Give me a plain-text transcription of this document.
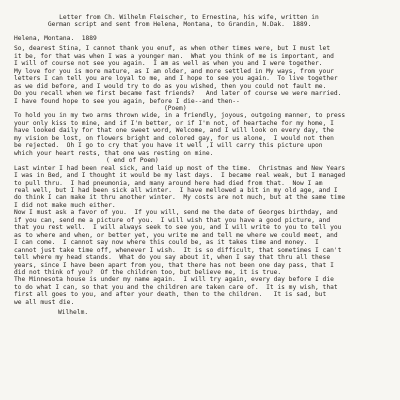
Letter from Ch. Wilhelm Fleischer, to Ernestina, his wife, written in
German script and sent from Helena, Montana, to Grandin, N.Dak.  1889.
Helena, Montana.  1889
So, dearest Stina, I cannot thank you enuf, as when other times were, but I must let
it be, for that was when I was a younger man.  What you think of me is important, and
I will of course not see you again.  I am as well as when you and I were together.
My love for you is more mature, as I am older, and more settled in My ways, from your
letters I can tell you are loyal to me, and I hope to see you again.  To live together
as we did before, and I would try to do as you wished, then you could not fault me.
Do you recall when we first became fast friends?   And later of course we were married.
I have found hope to see you again, before I die--and then--
(Poem)
To hold you in my two arms thrown wide, in a friendly, joyous, outgoing manner, to press
your only kiss to mine, and if I'm better, or if I'm not, of heartache for my home, I
have looked daily for that one sweet word, Welcome, and I will look on every day, the
my vision be lost, on flowers bright and colored gay, for us alone,  I would not then
be rejected.  Oh I go to cry that you have it well ,I will carry this picture upon
which your heart rests, that one was resting on mine.
( end of Poem)
Last winter I had been real sick, and laid up most of the time.  Christmas and New Years
I was in Bed, and I thought it would be my last days.  I became real weak, but I managed
to pull thru.  I had pneumonia, and many around here had died from that.  Now I am
real well, but I had been sick all winter.  I have mellowed a bit in my old age, and I
do think I can make it thru another winter.  My costs are not much, but at the same time
I did not make much either.
Now I must ask a favor of you.  If you will, send me the date of Georges birthday, and
if you can, send me a picture of you.  I will wish that you have a good picture, and
that you rest well.  I will always seek to see you, and I will write to you to tell you
as to where and when, or better yet, you write me and tell me where we could meet, and
I can come.  I cannot say now where this could be, as it takes time and money.  I
cannot just take time off, whenever I wish.  It is so difficult, that sometimes I can't
tell where my head stands.  What do you say about it, when I say that thru all these
years, since I have been apart from you, that there has not been one day pass, that I
did not think of you?  Of the children too, but believe me, it is true.
The Minnesota house is under my name again.  I will try again, every day before I die
to do what I can, so that you and the children are taken care of.  It is my wish, that
first all goes to you, and after your death, then to the children.   It is sad, but
we all must die.
Wilhelm.
